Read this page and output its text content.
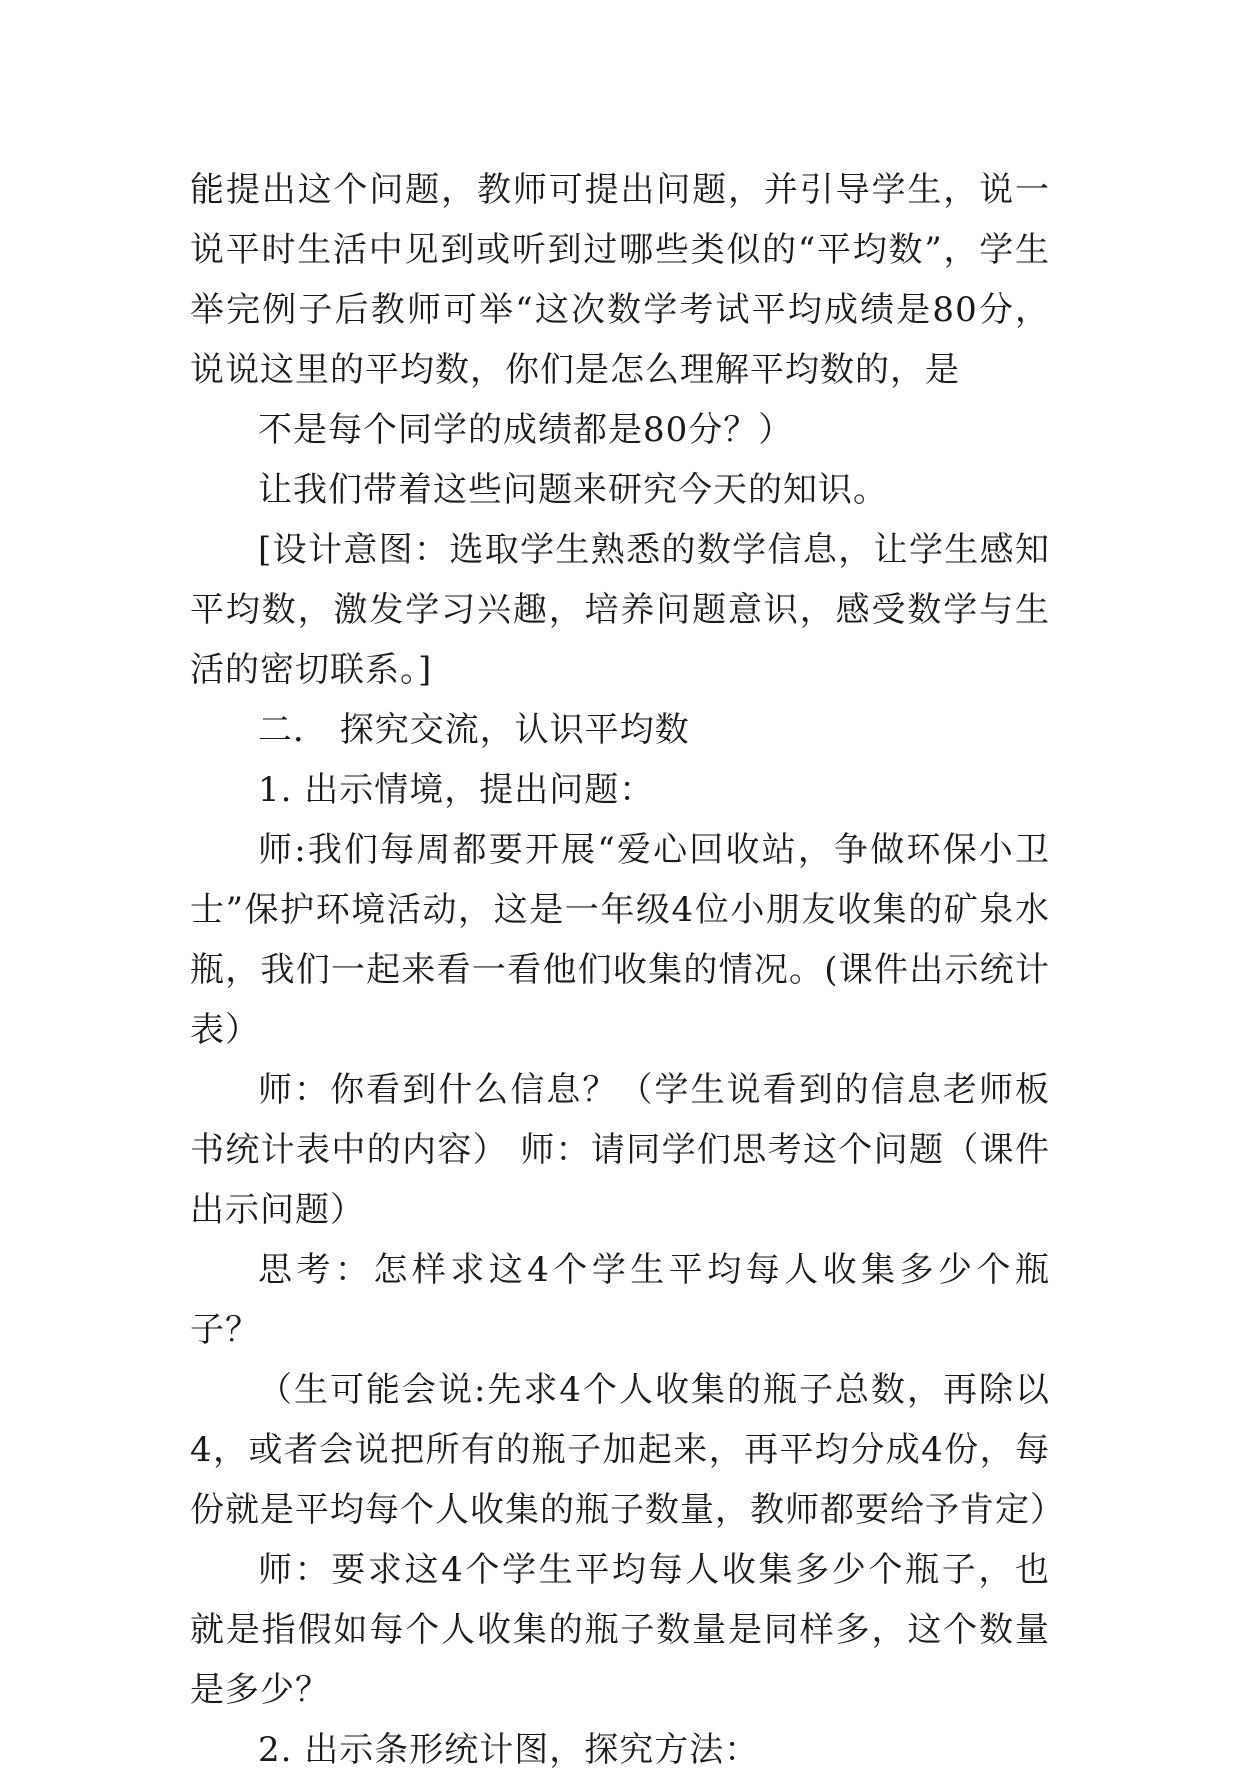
能提出这个问题，教师可提出问题，并引导学生，说一说平时生活中见到或听到过哪些类似的“平均数”，学生举完例子后教师可举“这次数学考试平均成绩是80分，说说这里的平均数，你们是怎么理解平均数的，是

不是每个同学的成绩都是80分？）

让我们带着这些问题来研究今天的知识。

[设计意图：选取学生熟悉的数学信息，让学生感知平均数，激发学习兴趣，培养问题意识，感受数学与生活的密切联系。]

二． 探究交流，认识平均数

1. 出示情境，提出问题：

师:我们每周都要开展“爱心回收站，争做环保小卫士”保护环境活动，这是一年级4位小朋友收集的矿泉水瓶，我们一起来看一看他们收集的情况。(课件出示统计表）

师：你看到什么信息？（学生说看到的信息老师板书统计表中的内容） 师：请同学们思考这个问题（课件出示问题）

思考：怎样求这4个学生平均每人收集多少个瓶子？

（生可能会说:先求4个人收集的瓶子总数，再除以4，或者会说把所有的瓶子加起来，再平均分成4份，每份就是平均每个人收集的瓶子数量，教师都要给予肯定）

师：要求这4个学生平均每人收集多少个瓶子，也就是指假如每个人收集的瓶子数量是同样多，这个数量是多少？

2. 出示条形统计图，探究方法：
